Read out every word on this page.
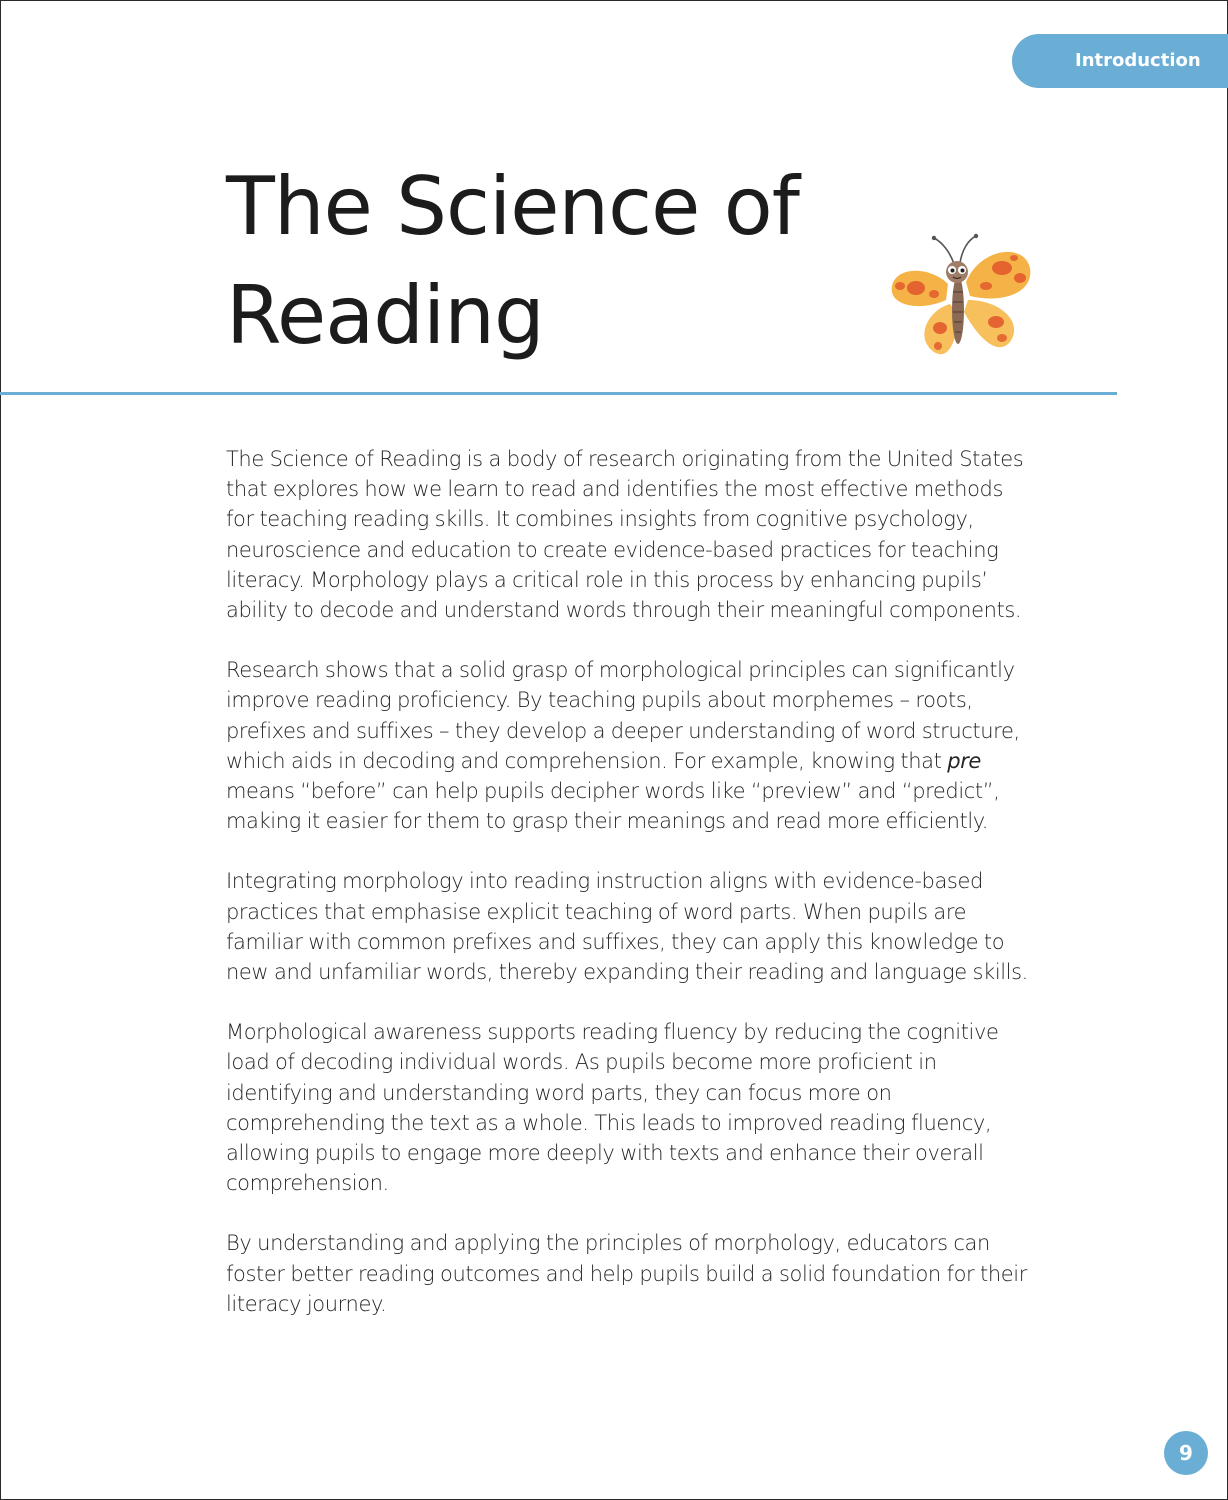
Introduction
The Science of
Reading

The Science of Reading is a body of research originating from the United States
that explores how we learn to read and identifies the most effective methods
for teaching reading skills. It combines insights from cognitive psychology,
neuroscience and education to create evidence-based practices for teaching
literacy. Morphology plays a critical role in this process by enhancing pupils’
ability to decode and understand words through their meaningful components.

Research shows that a solid grasp of morphological principles can significantly
improve reading proficiency. By teaching pupils about morphemes – roots,
prefixes and suffixes – they develop a deeper understanding of word structure,
which aids in decoding and comprehension. For example, knowing that pre
means “before” can help pupils decipher words like “preview” and “predict”,
making it easier for them to grasp their meanings and read more efficiently.

Integrating morphology into reading instruction aligns with evidence-based
practices that emphasise explicit teaching of word parts. When pupils are
familiar with common prefixes and suffixes, they can apply this knowledge to
new and unfamiliar words, thereby expanding their reading and language skills.

Morphological awareness supports reading fluency by reducing the cognitive
load of decoding individual words. As pupils become more proficient in
identifying and understanding word parts, they can focus more on
comprehending the text as a whole. This leads to improved reading fluency,
allowing pupils to engage more deeply with texts and enhance their overall
comprehension.

By understanding and applying the principles of morphology, educators can
foster better reading outcomes and help pupils build a solid foundation for their
literacy journey.

9
